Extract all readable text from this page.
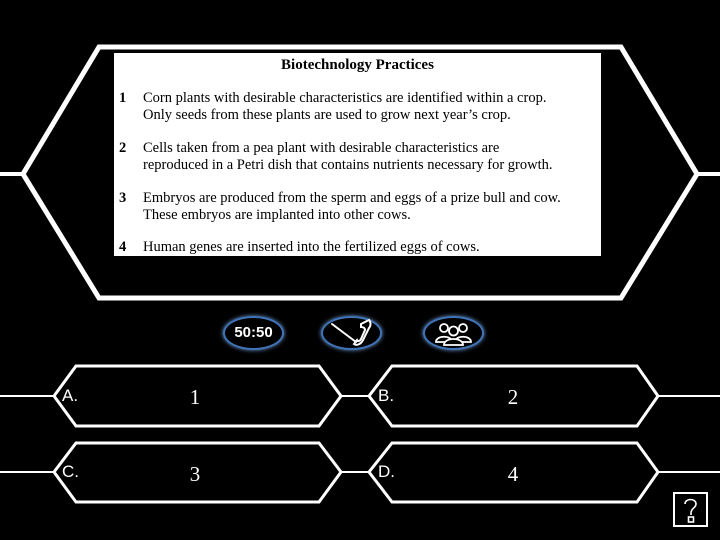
Biotechnology Practices
1	Corn plants with desirable characteristics are identified within a crop.
Only seeds from these plants are used to grow next year’s crop.
2	Cells taken from a pea plant with desirable characteristics are
reproduced in a Petri dish that contains nutrients necessary for growth.
3	Embryos are produced from the sperm and eggs of a prize bull and cow.
These embryos are implanted into other cows.
4	Human genes are inserted into the fertilized eggs of cows.
50:50
A.	1	B.	2
C.	3	D.	4
